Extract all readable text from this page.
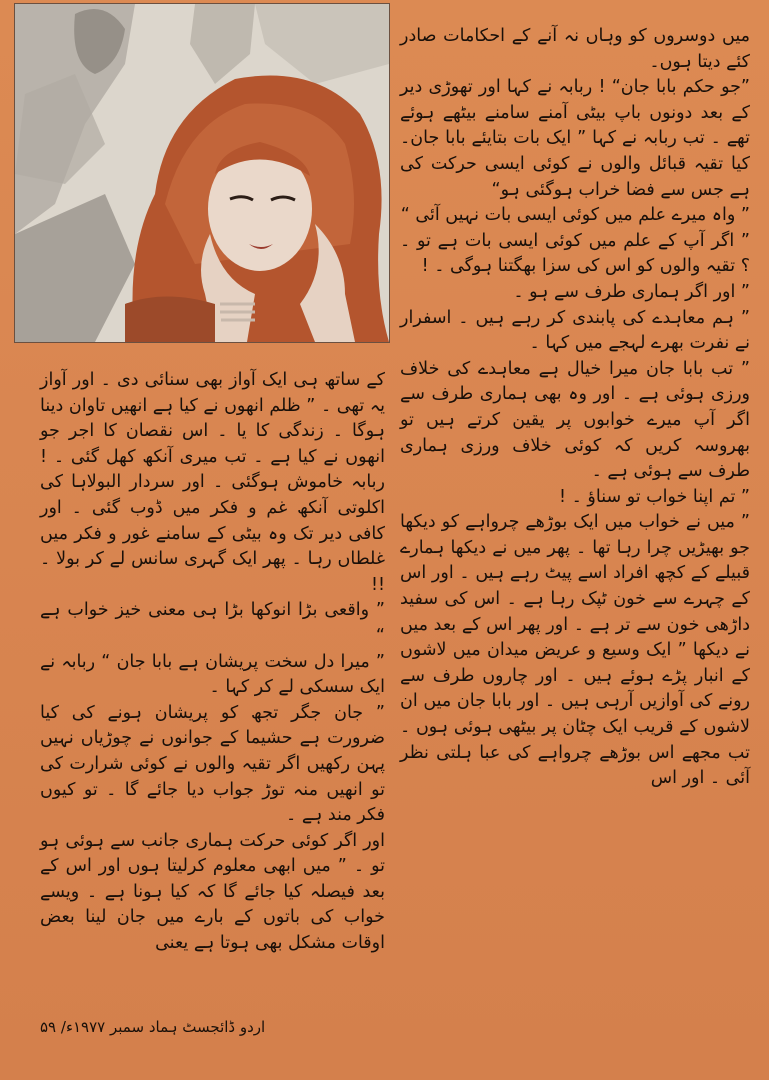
میں دوسروں کو وہاں نہ آنے کے احکامات صادر کئے دیتا ہوں۔

”جو حکم بابا جان“ ! ربابہ نے کہا اور تھوڑی دیر کے بعد دونوں باپ بیٹی آمنے سامنے بیٹھے ہوئے تھے ۔ تب ربابہ نے کہا ” ایک بات بتایئے بابا جان۔ کیا تقیہ قبائل والوں نے کوئی ایسی حرکت کی ہے جس سے فضا خراب ہوگئی ہو“

” واہ میرے علم میں کوئی ایسی بات نہیں آئی “

” اگر آپ کے علم میں کوئی ایسی بات ہے تو ۔ ؟ تقیہ والوں کو اس کی سزا بھگتنا ہوگی ۔ !

” اور اگر ہماری طرف سے ہو ۔

” ہم معاہدے کی پابندی کر رہے ہیں ۔ اسفرار نے نفرت بھرے لہجے میں کہا ۔

” تب بابا جان میرا خیال ہے معاہدے کی خلاف ورزی ہوئی ہے ۔ اور وہ بھی ہماری طرف سے اگر آپ میرے خوابوں پر یقین کرتے ہیں تو بھروسہ کریں کہ کوئی خلاف ورزی ہماری طرف سے ہوئی ہے ۔

” تم اپنا خواب تو سناؤ ۔ !

” میں نے خواب میں ایک بوڑھے چرواہے کو دیکھا جو بھیڑیں چرا رہا تھا ۔ پھر میں نے دیکھا ہمارے قبیلے کے کچھ افراد اسے پیٹ رہے ہیں ۔ اور اس کے چہرے سے خون ٹپک رہا ہے ۔ اس کی سفید داڑھی خون سے تر ہے ۔ اور پھر اس کے بعد میں نے دیکھا ” ایک وسیع و عریض میدان میں لاشوں کے انبار پڑے ہوئے ہیں ۔ اور چاروں طرف سے رونے کی آوازیں آرہی ہیں ۔ اور بابا جان میں ان لاشوں کے قریب ایک چٹان پر بیٹھی ہوئی ہوں ۔ تب مجھے اس بوڑھے چرواہے کی عبا ہلتی نظر آئی ۔ اور اس

کے ساتھ ہی ایک آواز بھی سنائی دی ۔ اور آواز یہ تھی ۔ ” ظلم انھوں نے کیا ہے انھیں تاوان دینا ہوگا ۔ زندگی کا یا ۔ اس نقصان کا اجر جو انھوں نے کیا ہے ۔ تب میری آنکھ کھل گئی ۔ ! ربابہ خاموش ہوگئی ۔ اور سردار البولاہا کی اکلوتی آنکھ غم و فکر میں ڈوب گئی ۔ اور کافی دیر تک وہ بیٹی کے سامنے غور و فکر میں غلطاں رہا ۔ پھر ایک گہری سانس لے کر بولا ۔ !!

” واقعی بڑا انوکھا بڑا ہی معنی خیز خواب ہے “

” میرا دل سخت پریشان ہے بابا جان “ ربابہ نے ایک سسکی لے کر کہا ۔

” جان جگر تجھ کو پریشان ہونے کی کیا ضرورت ہے حشیما کے جوانوں نے چوڑیاں نہیں پہن رکھیں اگر تقیہ والوں نے کوئی شرارت کی تو انھیں منہ توڑ جواب دیا جائے گا ۔ تو کیوں فکر مند ہے ۔

اور اگر کوئی حرکت ہماری جانب سے ہوئی ہو تو ۔ ” میں ابھی معلوم کرلیتا ہوں اور اس کے بعد فیصلہ کیا جائے گا کہ کیا ہونا ہے ۔ ویسے خواب کی باتوں کے بارے میں جان لینا بعض اوقات مشکل بھی ہوتا ہے یعنی

اردو ڈائجسٹ ہماد سمبر ۱۹۷۷ء/ ۵۹
